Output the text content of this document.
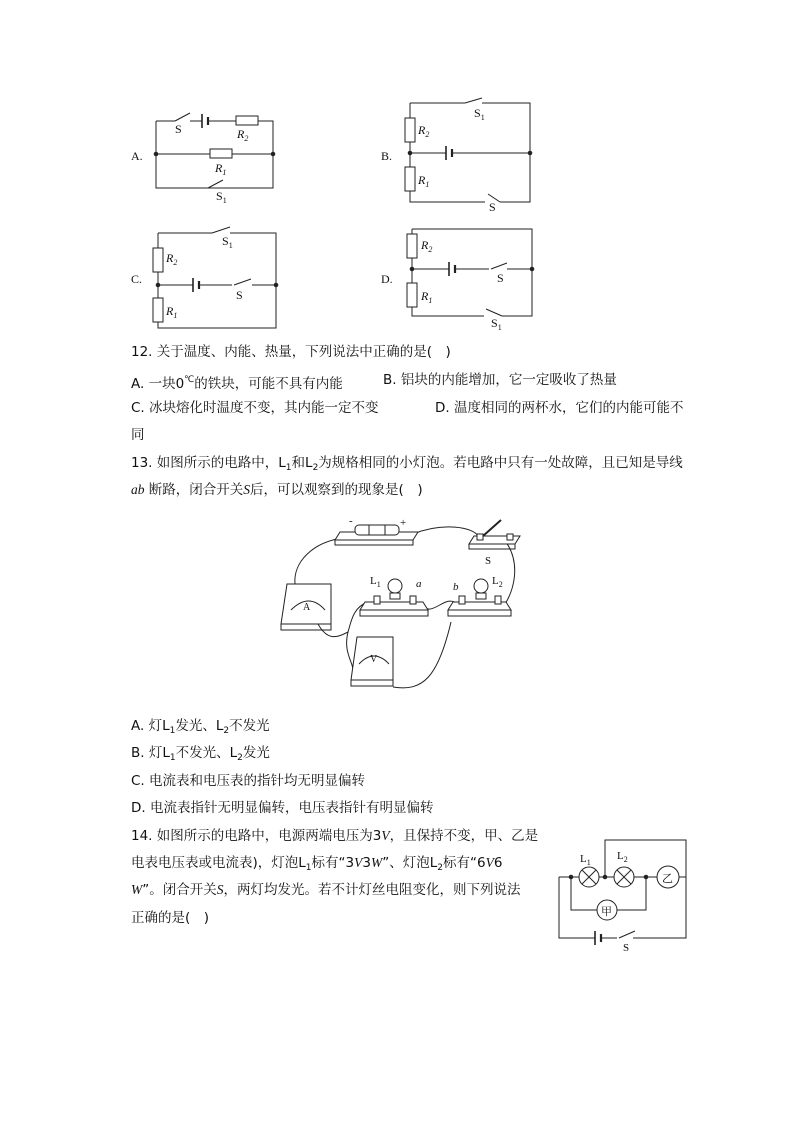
A.
S	$R_2$
$R_1$
$S_1$
B.
$S_1$
$R_2$
$R_1$
S
C.
$S_1$
$R_2$
$R_1$
S
D.
$R_2$
$R_1$
S
$S_1$
12. 关于温度、内能、热量，下列说法中正确的是(　)
A. 一块0℃的铁块，可能不具有内能	B. 铝块的内能增加，它一定吸收了热量
C. 冰块熔化时温度不变，其内能一定不变	D. 温度相同的两杯水，它们的内能可能不
同
13. 如图所示的电路中，$L_1$和$L_2$为规格相同的小灯泡。若电路中只有一处故障，且已知是导线
ab 断路，闭合开关S后，可以观察到的现象是(　)
-	+
S
$L_1$	a	b	$L_2$
A
V
A. 灯$L_1$发光、$L_2$不发光
B. 灯$L_1$不发光、$L_2$发光
C. 电流表和电压表的指针均无明显偏转
D. 电流表指针无明显偏转，电压表指针有明显偏转
14. 如图所示的电路中，电源两端电压为3V，且保持不变，甲、乙是
电表电压表或电流表)，灯泡$L_1$标有“3V3W”、灯泡$L_2$标有“6V6
W”。闭合开关S，两灯均发光。若不计灯丝电阻变化，则下列说法
正确的是(　)
$L_1$
$L_2$
乙
甲
S
